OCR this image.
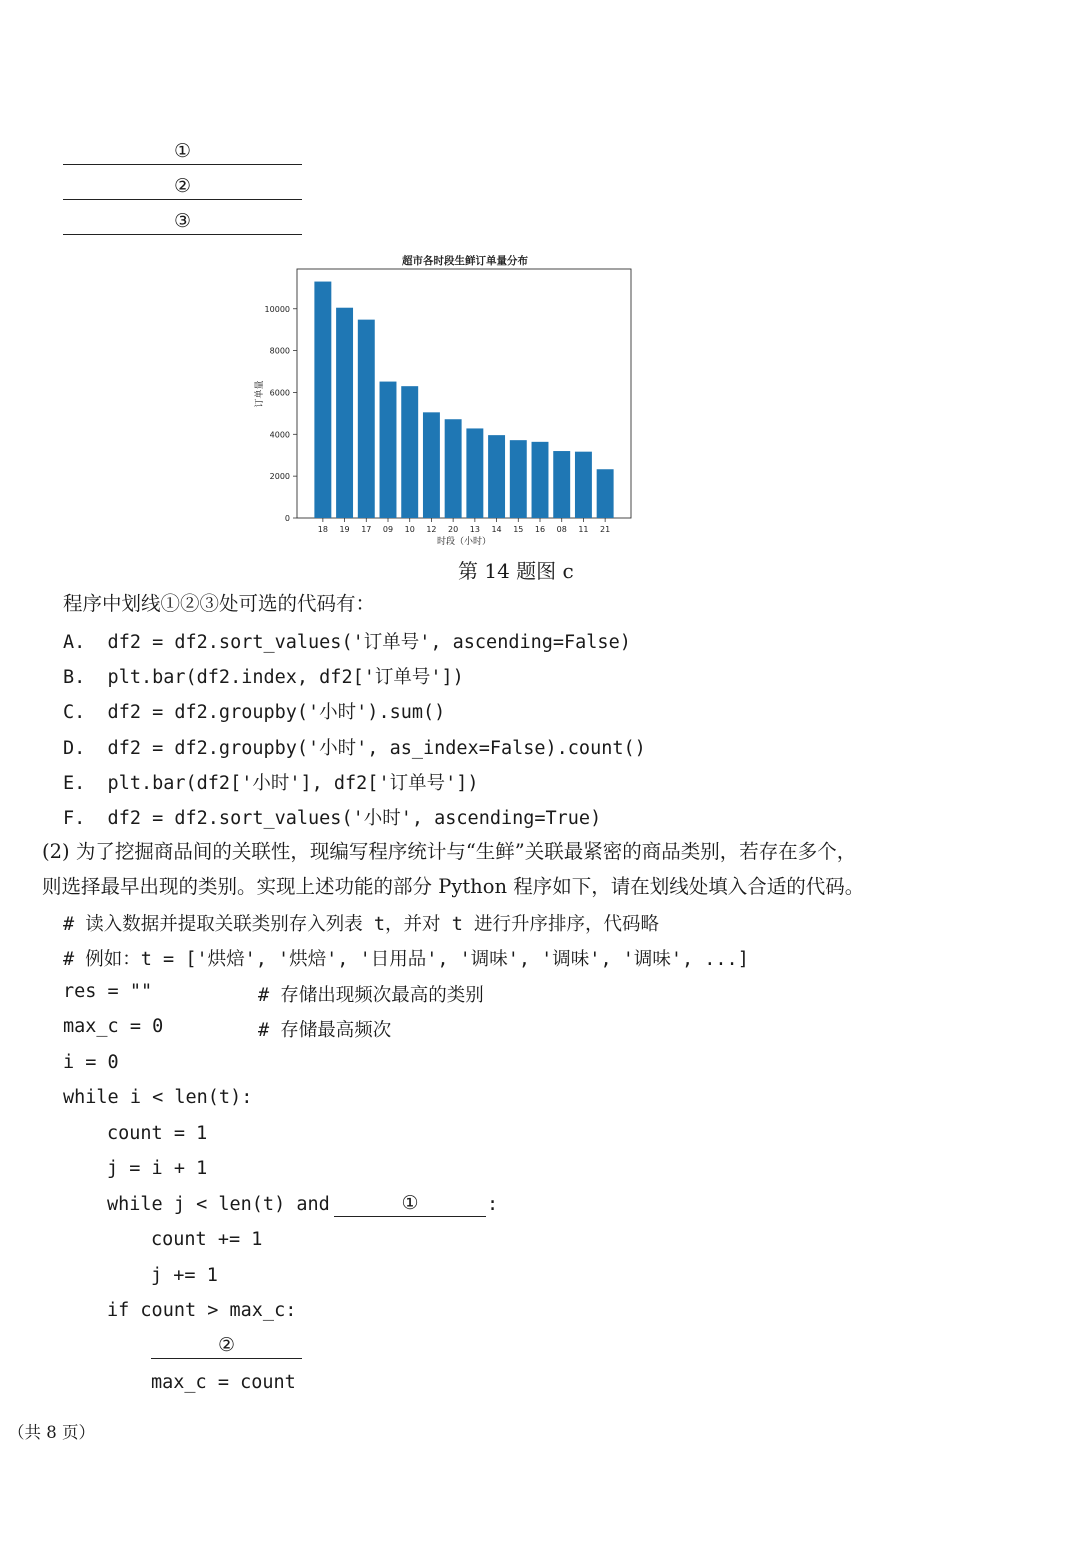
①
②
③
超市各时段生鲜订单量分布
0
2000
4000
6000
8000
10000
18 19 17 09 10 12 20 13 14 15 16 08 11 21
时段（小时）
订单量
第 14 题图 c
程序中划线①②③处可选的代码有：
A.  df2 = df2.sort_values('订单号', ascending=False)
B.  plt.bar(df2.index, df2['订单号'])
C.  df2 = df2.groupby('小时').sum()
D.  df2 = df2.groupby('小时', as_index=False).count()
E.  plt.bar(df2['小时'], df2['订单号'])
F.  df2 = df2.sort_values('小时', ascending=True)
(2) 为了挖掘商品间的关联性，现编写程序统计与“生鲜”关联最紧密的商品类别，若存在多个，
则选择最早出现的类别。实现上述功能的部分 Python 程序如下，请在划线处填入合适的代码。
# 读入数据并提取关联类别存入列表 t，并对 t 进行升序排序，代码略
# 例如：t = ['烘焙', '烘焙', '日用品', '调味', '调味', '调味', ...]
res = ""	# 存储出现频次最高的类别
max_c = 0	# 存储最高频次
i = 0
while i < len(t):
count = 1
j = i + 1
while j < len(t) and	①	:
count += 1
j += 1
if count > max_c:
②
max_c = count
（共 8 页）
